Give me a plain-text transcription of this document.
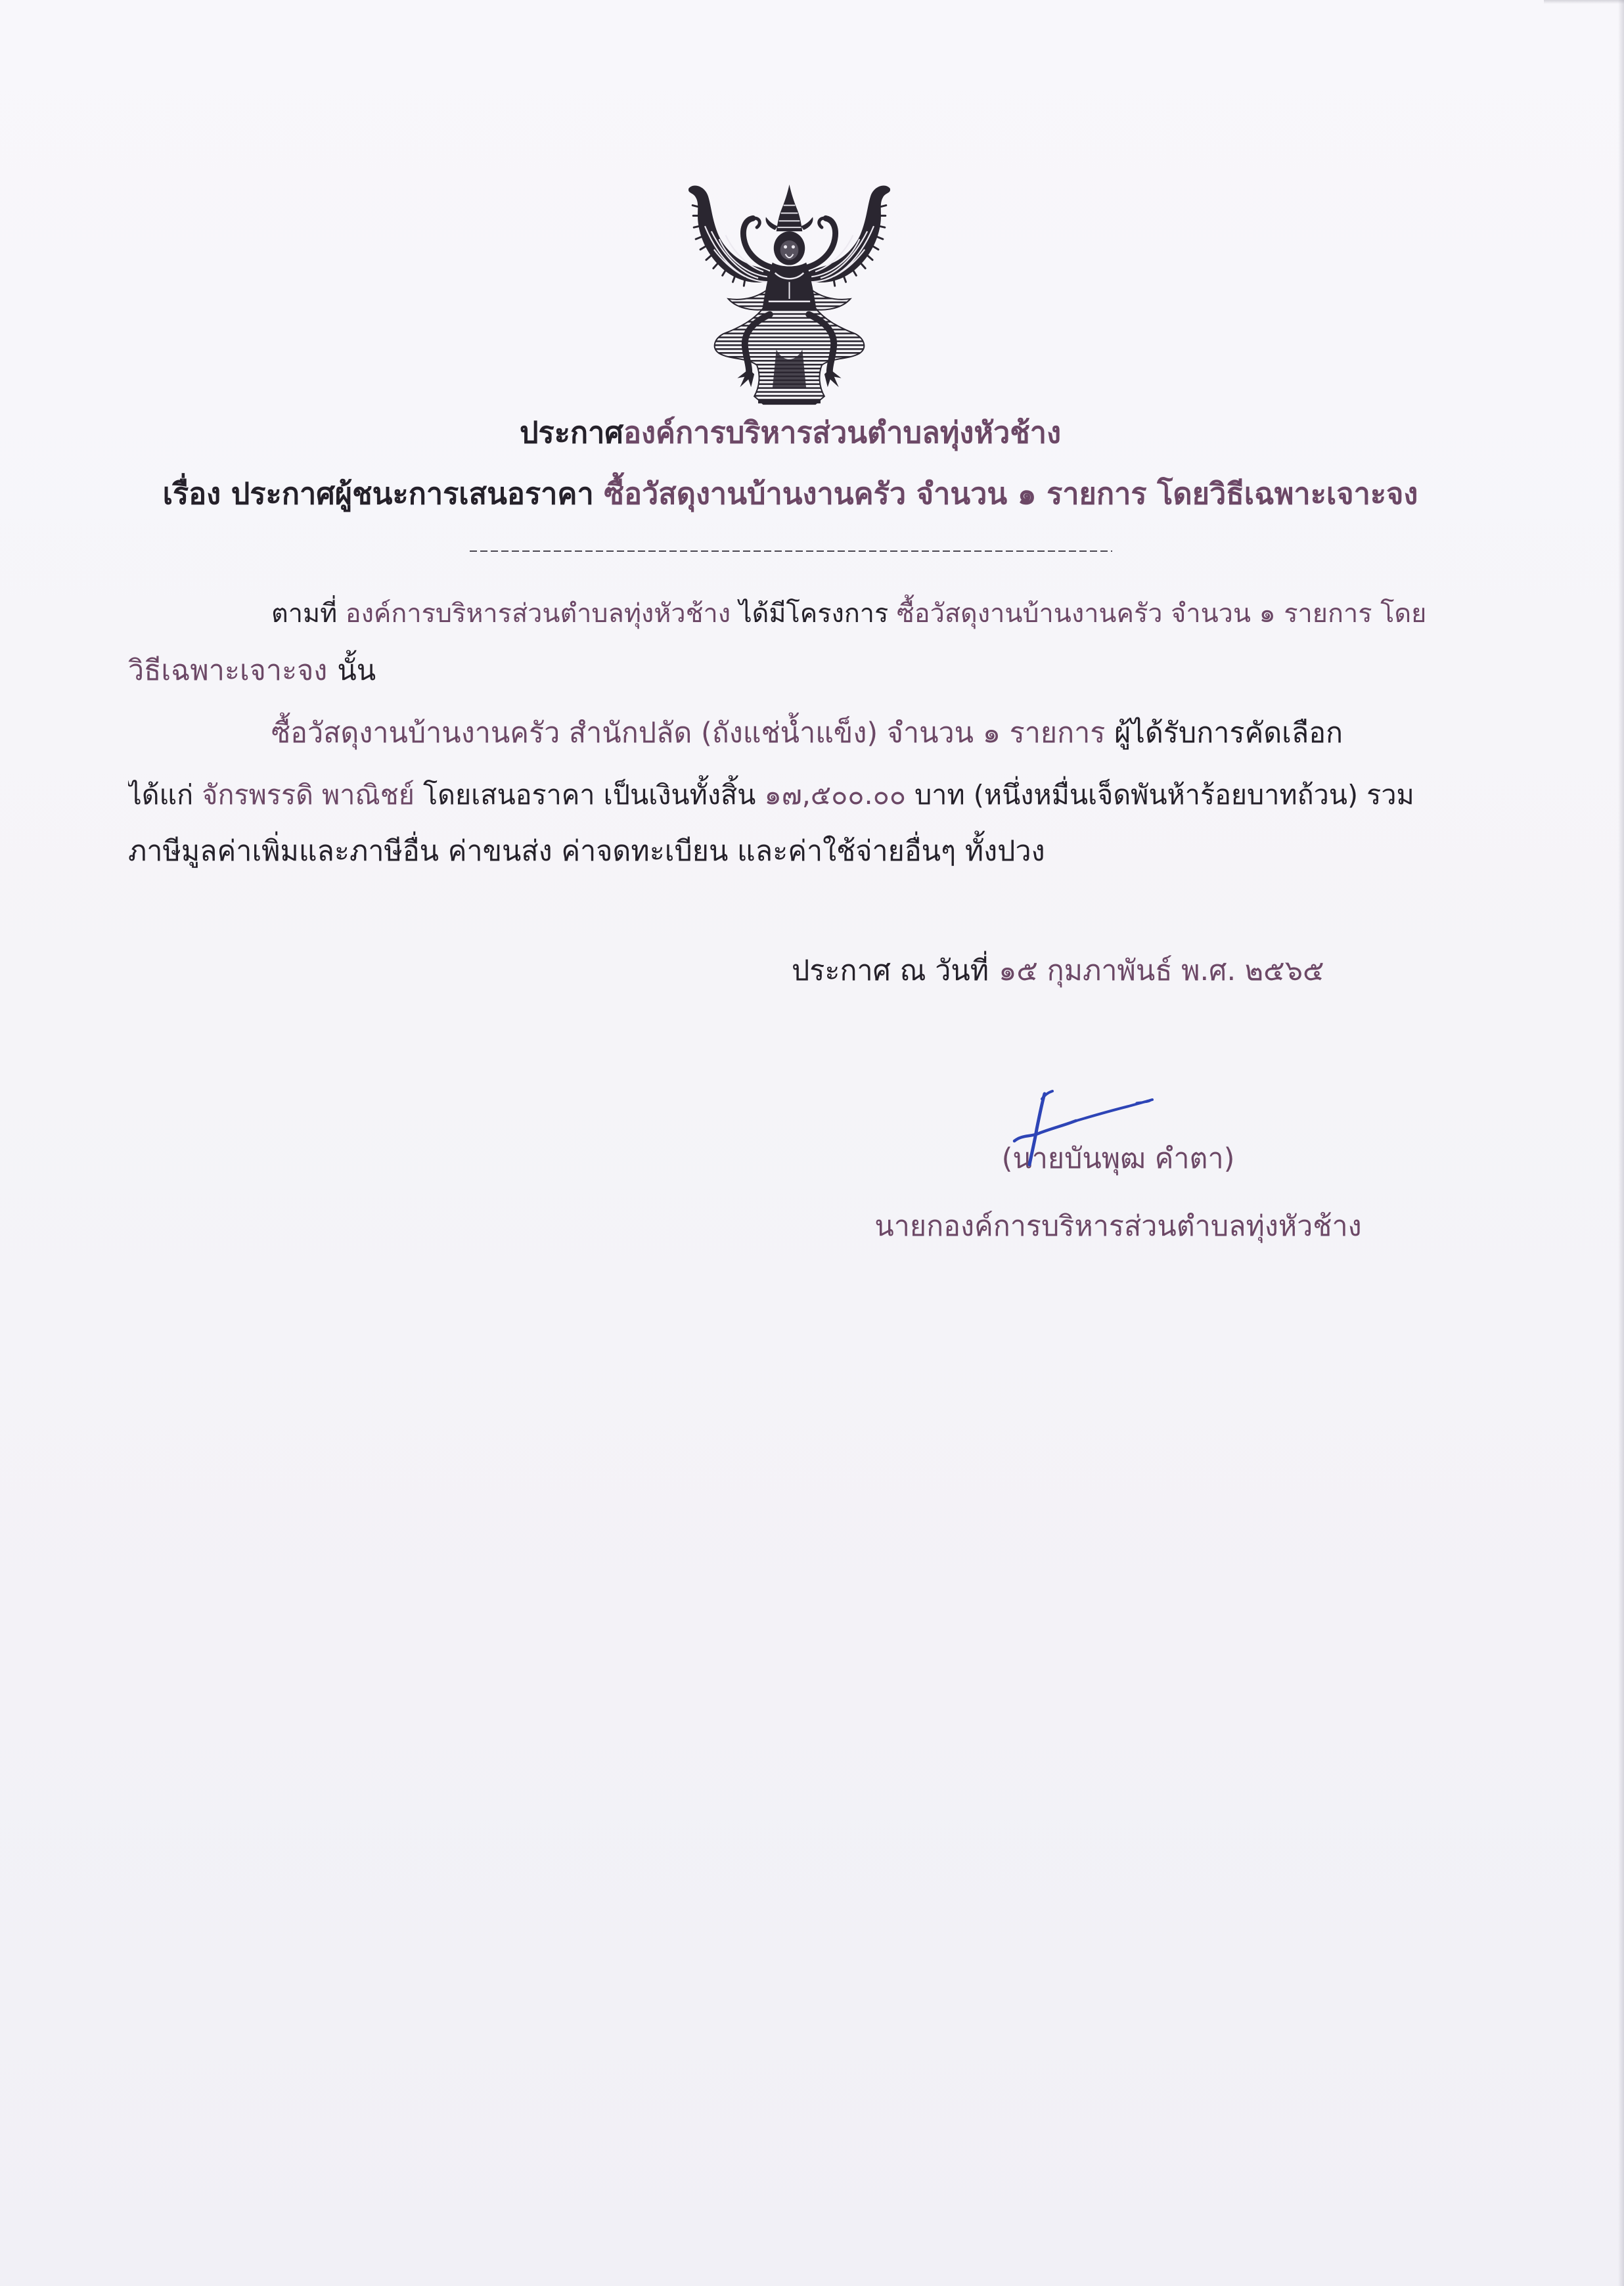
ประกาศองค์การบริหารส่วนตำบลทุ่งหัวช้าง
เรื่อง ประกาศผู้ชนะการเสนอราคา ซื้อวัสดุงานบ้านงานครัว จำนวน ๑ รายการ โดยวิธีเฉพาะเจาะจง
ตามที่ องค์การบริหารส่วนตำบลทุ่งหัวช้าง ได้มีโครงการ ซื้อวัสดุงานบ้านงานครัว จำนวน ๑ รายการ โดย
วิธีเฉพาะเจาะจง นั้น
ซื้อวัสดุงานบ้านงานครัว สำนักปลัด (ถังแช่น้ำแข็ง) จำนวน ๑ รายการ ผู้ได้รับการคัดเลือก
ได้แก่ จักรพรรดิ พาณิชย์ โดยเสนอราคา เป็นเงินทั้งสิ้น ๑๗,๕๐๐.๐๐ บาท (หนึ่งหมื่นเจ็ดพันห้าร้อยบาทถ้วน) รวม
ภาษีมูลค่าเพิ่มและภาษีอื่น ค่าขนส่ง ค่าจดทะเบียน และค่าใช้จ่ายอื่นๆ ทั้งปวง
ประกาศ ณ วันที่ ๑๕ กุมภาพันธ์ พ.ศ. ๒๕๖๕
(นายบันพุฒ คำตา)
นายกองค์การบริหารส่วนตำบลทุ่งหัวช้าง
